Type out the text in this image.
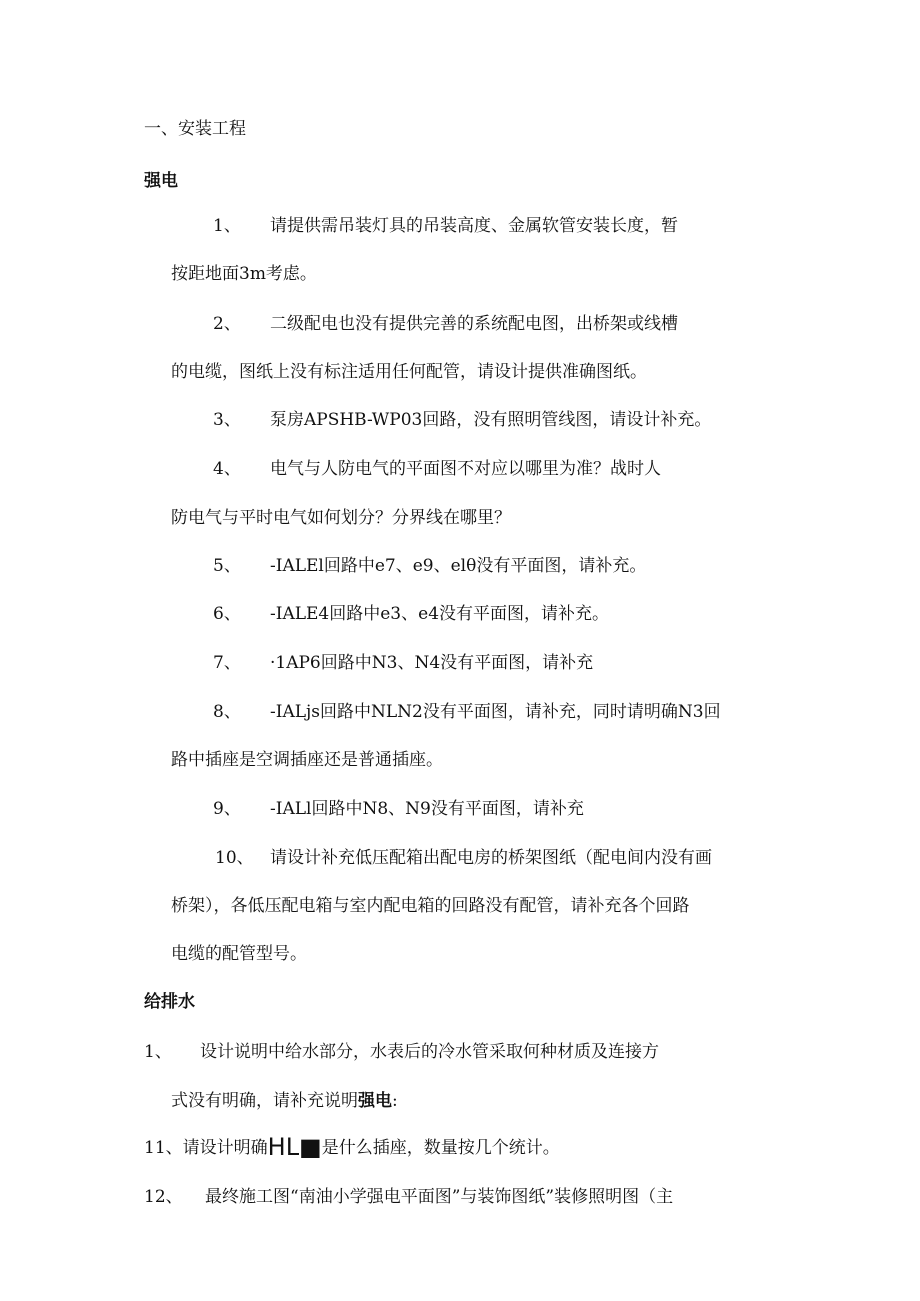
一、安装工程
强电
1、 请提供需吊装灯具的吊装高度、金属软管安装长度，暂
按距地面3m考虑。
2、 二级配电也没有提供完善的系统配电图，出桥架或线槽
的电缆，图纸上没有标注适用任何配管，请设计提供准确图纸。
3、 泵房APSHB-WP03回路，没有照明管线图，请设计补充。
4、 电气与人防电气的平面图不对应以哪里为准？战时人
防电气与平时电气如何划分？分界线在哪里？
5、 -IALEl回路中e7、e9、elθ没有平面图，请补充。
6、 -IALE4回路中e3、e4没有平面图，请补充。
7、 ·1AP6回路中N3、N4没有平面图，请补充
8、 -IALjs回路中NLN2没有平面图，请补充，同时请明确N3回
路中插座是空调插座还是普通插座。
9、 -IALl回路中N8、N9没有平面图，请补充
10、 请设计补充低压配箱出配电房的桥架图纸（配电间内没有画
桥架），各低压配电箱与室内配电箱的回路没有配管，请补充各个回路
电缆的配管型号。
给排水
1、 设计说明中给水部分，水表后的冷水管采取何种材质及连接方
式没有明确，请补充说明强电:
11、请设计明确HL■是什么插座，数量按几个统计。
12、 最终施工图“南油小学强电平面图”与装饰图纸”装修照明图（主
